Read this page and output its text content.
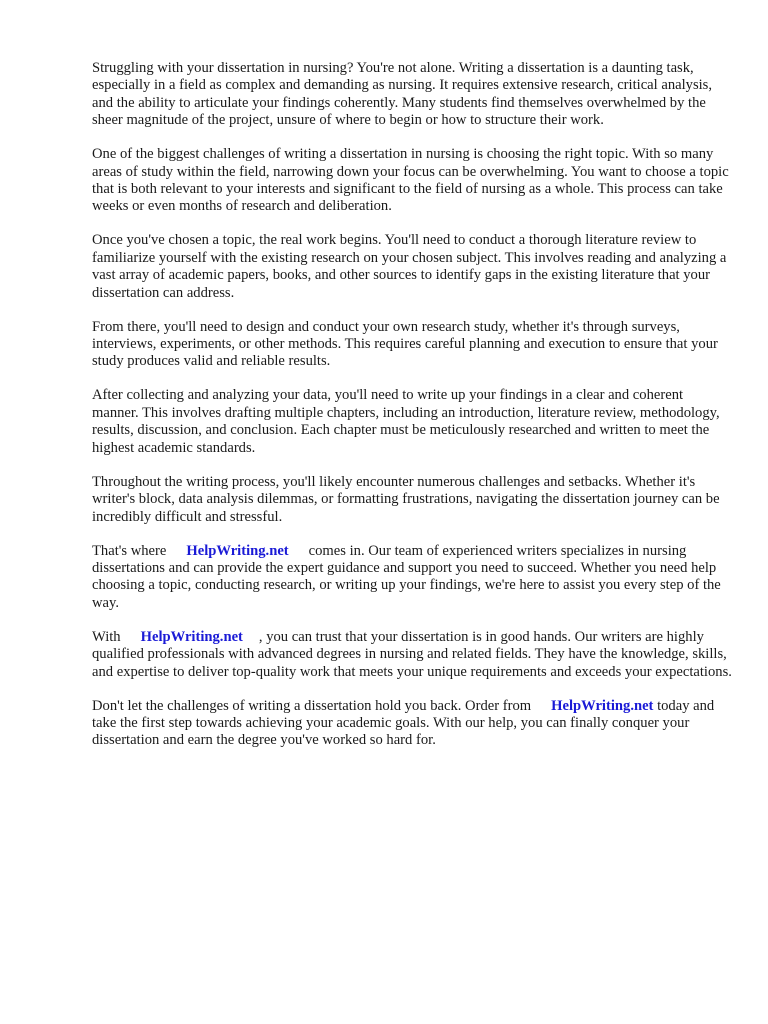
Struggling with your dissertation in nursing? You're not alone. Writing a dissertation is a daunting task, especially in a field as complex and demanding as nursing. It requires extensive research, critical analysis, and the ability to articulate your findings coherently. Many students find themselves overwhelmed by the sheer magnitude of the project, unsure of where to begin or how to structure their work.

One of the biggest challenges of writing a dissertation in nursing is choosing the right topic. With so many areas of study within the field, narrowing down your focus can be overwhelming. You want to choose a topic that is both relevant to your interests and significant to the field of nursing as a whole. This process can take weeks or even months of research and deliberation.

Once you've chosen a topic, the real work begins. You'll need to conduct a thorough literature review to familiarize yourself with the existing research on your chosen subject. This involves reading and analyzing a vast array of academic papers, books, and other sources to identify gaps in the existing literature that your dissertation can address.

From there, you'll need to design and conduct your own research study, whether it's through surveys, interviews, experiments, or other methods. This requires careful planning and execution to ensure that your study produces valid and reliable results.

After collecting and analyzing your data, you'll need to write up your findings in a clear and coherent manner. This involves drafting multiple chapters, including an introduction, literature review, methodology, results, discussion, and conclusion. Each chapter must be meticulously researched and written to meet the highest academic standards.

Throughout the writing process, you'll likely encounter numerous challenges and setbacks. Whether it's writer's block, data analysis dilemmas, or formatting frustrations, navigating the dissertation journey can be incredibly difficult and stressful.

That's where HelpWriting.net comes in. Our team of experienced writers specializes in nursing dissertations and can provide the expert guidance and support you need to succeed. Whether you need help choosing a topic, conducting research, or writing up your findings, we're here to assist you every step of the way.

With HelpWriting.net , you can trust that your dissertation is in good hands. Our writers are highly qualified professionals with advanced degrees in nursing and related fields. They have the knowledge, skills, and expertise to deliver top-quality work that meets your unique requirements and exceeds your expectations.

Don't let the challenges of writing a dissertation hold you back. Order from HelpWriting.net today and take the first step towards achieving your academic goals. With our help, you can finally conquer your dissertation and earn the degree you've worked so hard for.
